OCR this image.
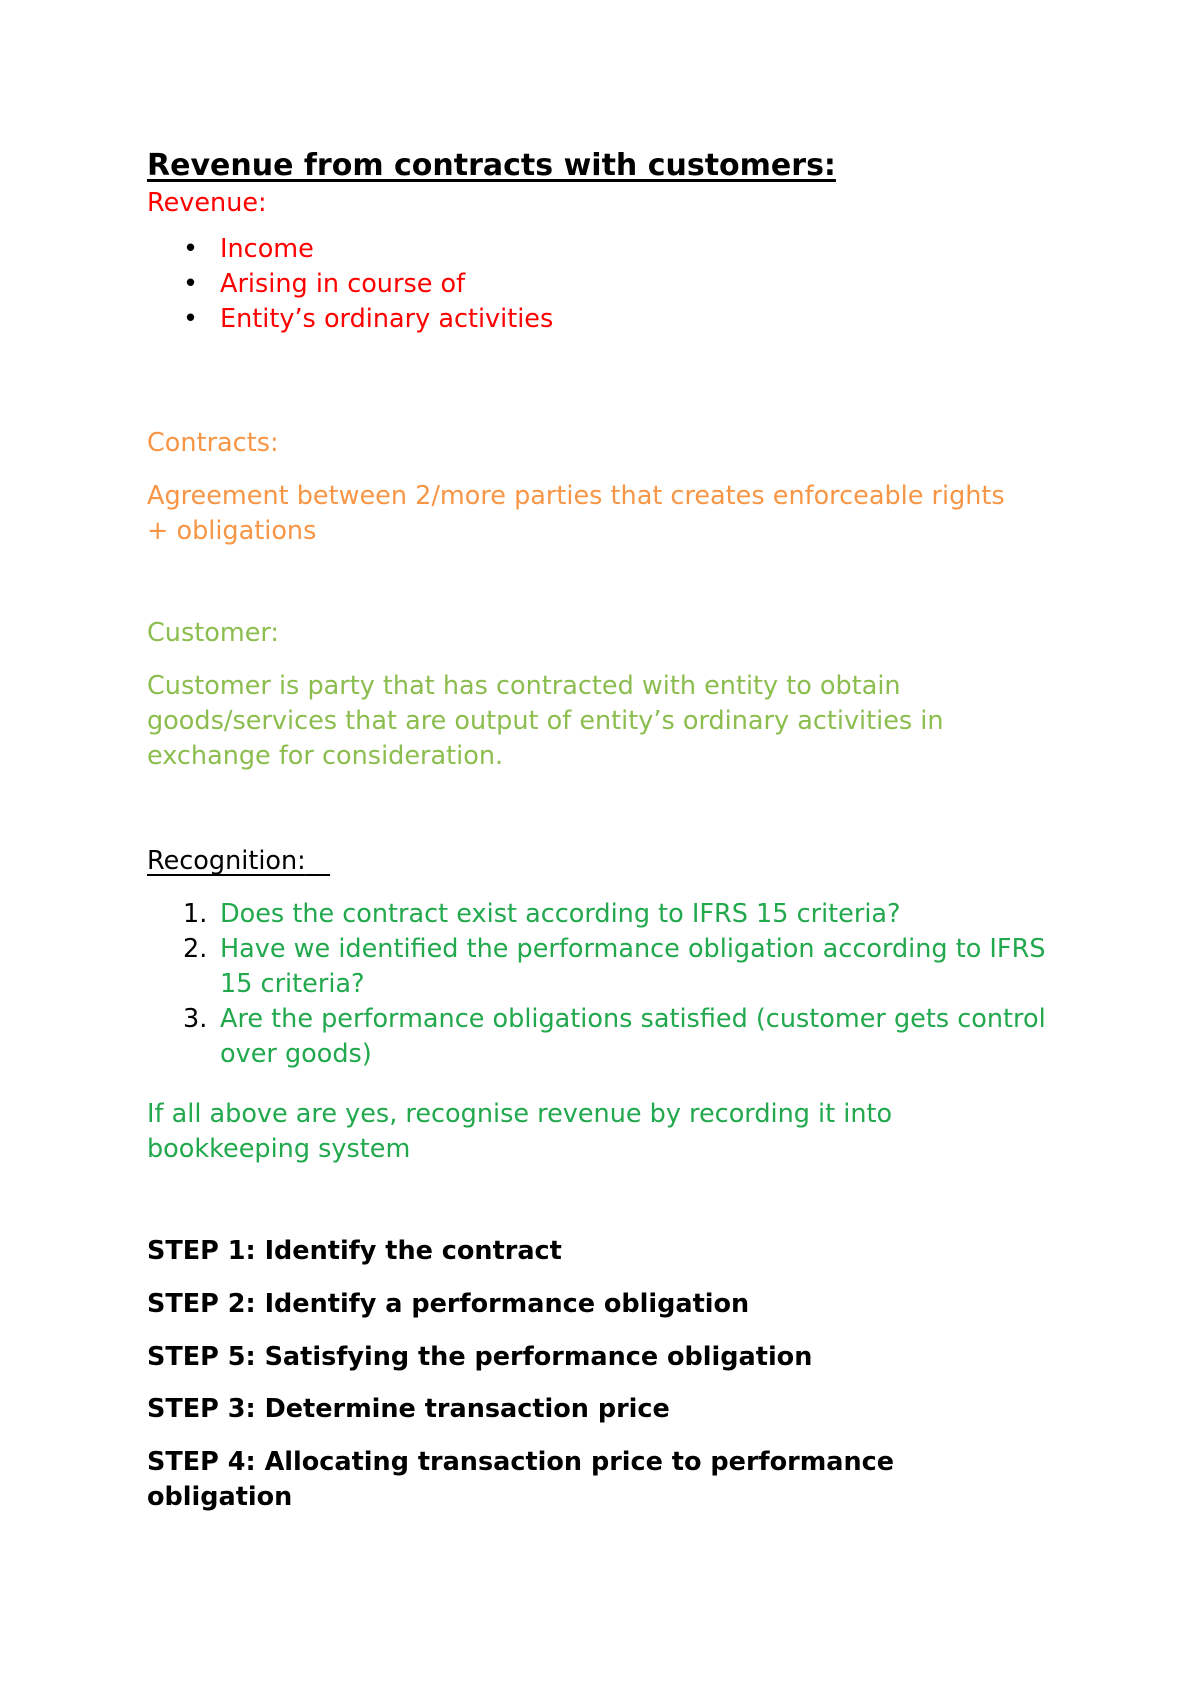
Revenue from contracts with customers:

Revenue:

• Income
• Arising in course of
• Entity’s ordinary activities

Contracts:

Agreement between 2/more parties that creates enforceable rights + obligations

Customer:

Customer is party that has contracted with entity to obtain goods/services that are output of entity’s ordinary activities in exchange for consideration.

Recognition:

1. Does the contract exist according to IFRS 15 criteria?
2. Have we identified the performance obligation according to IFRS 15 criteria?
3. Are the performance obligations satisfied (customer gets control over goods)

If all above are yes, recognise revenue by recording it into bookkeeping system

STEP 1: Identify the contract

STEP 2: Identify a performance obligation

STEP 5: Satisfying the performance obligation

STEP 3: Determine transaction price

STEP 4: Allocating transaction price to performance obligation
